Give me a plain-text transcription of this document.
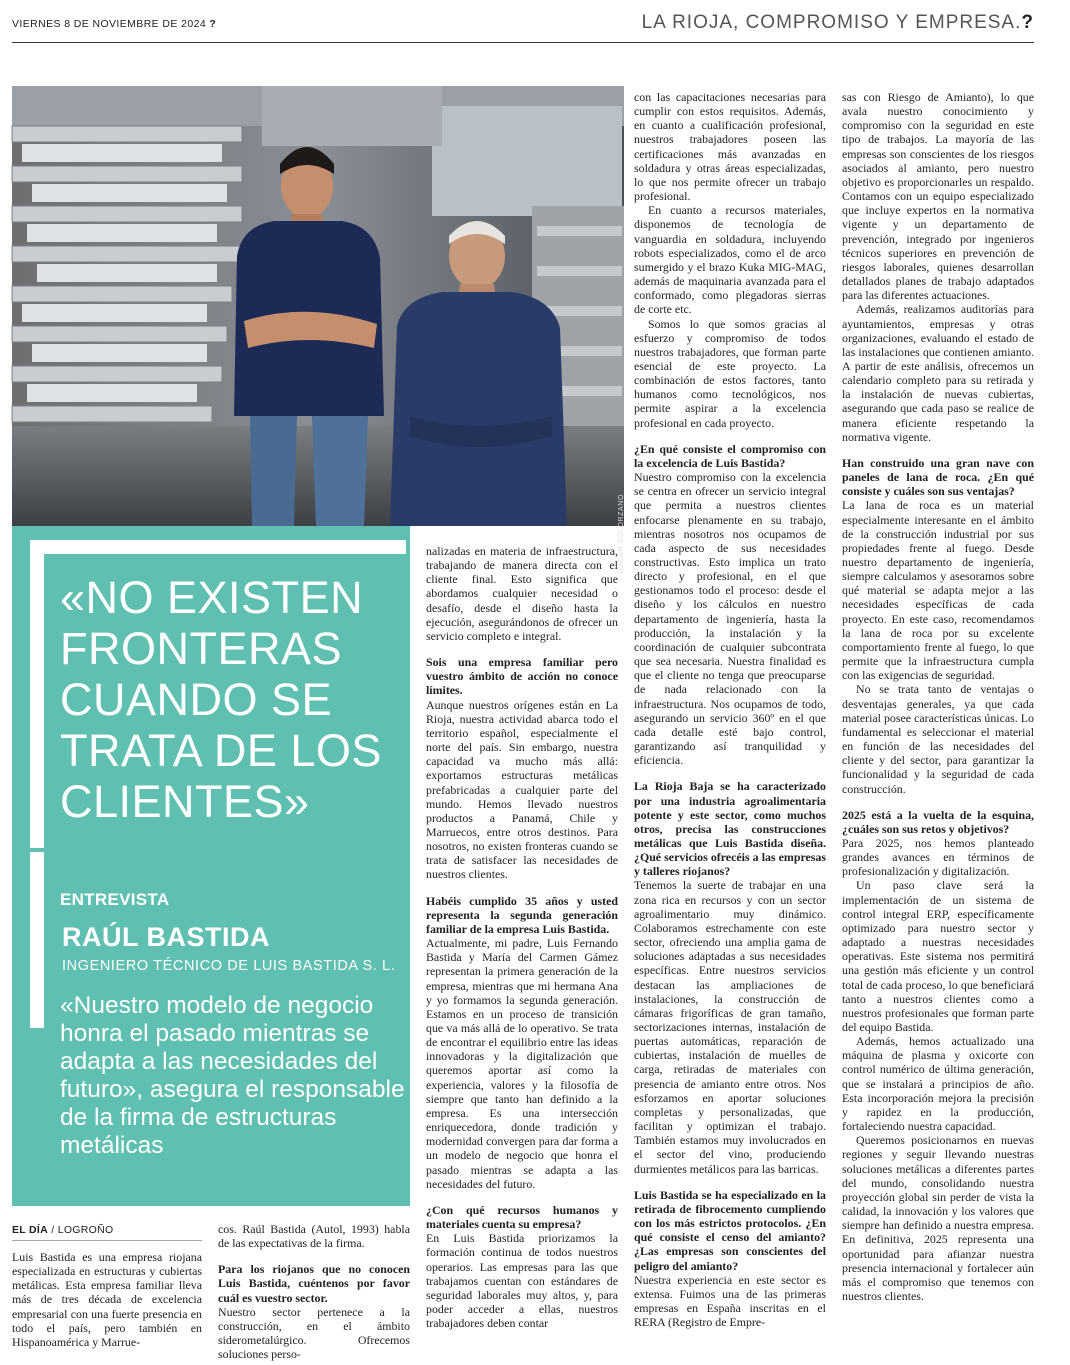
VIERNES 8 DE NOVIEMBRE DE 2024 ?	LA RIOJA, COMPROMISO Y EMPRESA.?
ÓSCAR SOLORZANO
«NO EXISTEN FRONTERAS CUANDO SE TRATA DE LOS CLIENTES»
ENTREVISTA
RAÚL BASTIDA
INGENIERO TÉCNICO DE LUIS BASTIDA S. L.
«Nuestro modelo de negocio honra el pasado mientras se adapta a las necesidades del futuro», asegura el responsable de la firma de estructuras metálicas
EL DÍA / LOGROÑO

Luis Bastida es una empresa riojana especializada en estructuras y cubiertas metálicas. Esta empresa familiar lleva más de tres década de excelencia empresarial con una fuerte presencia en todo el país, pero también en Hispanoamérica y Marrue-

cos. Raúl Bastida (Autol, 1993) habla de las expectativas de la firma.

Para los riojanos que no conocen Luis Bastida, cuéntenos por favor cuál es vuestro sector.

Nuestro sector pertenece a la construcción, en el ámbito siderometalúrgico. Ofrecemos soluciones perso-

nalizadas en materia de infraestructura, trabajando de manera directa con el cliente final. Esto significa que abordamos cualquier necesidad o desafío, desde el diseño hasta la ejecución, asegurándonos de ofrecer un servicio completo e integral.

Sois una empresa familiar pero vuestro ámbito de acción no conoce límites.

Aunque nuestros orígenes están en La Rioja, nuestra actividad abarca todo el territorio español, especialmente el norte del país. Sin embargo, nuestra capacidad va mucho más allá: exportamos estructuras metálicas prefabricadas a cualquier parte del mundo. Hemos llevado nuestros productos a Panamá, Chile y Marruecos, entre otros destinos. Para nosotros, no existen fronteras cuando se trata de satisfacer las necesidades de nuestros clientes.

Habéis cumplido 35 años y usted representa la segunda generación familiar de la empresa Luis Bastida.

Actualmente, mi padre, Luis Fernando Bastida y María del Carmen Gámez representan la primera generación de la empresa, mientras que mi hermana Ana y yo formamos la segunda generación. Estamos en un proceso de transición que va más allá de lo operativo. Se trata de encontrar el equilibrio entre las ideas innovadoras y la digitalización que queremos aportar así como la experiencia, valores y la filosofía de siempre que tanto han definido a la empresa. Es una intersección enriquecedora, donde tradición y modernidad convergen para dar forma a un modelo de negocio que honra el pasado mientras se adapta a las necesidades del futuro.

¿Con qué recursos humanos y materiales cuenta su empresa?

En Luis Bastida priorizamos la formación continua de todos nuestros operarios. Las empresas para las que trabajamos cuentan con estándares de seguridad laborales muy altos, y, para poder acceder a ellas, nuestros trabajadores deben contar

con las capacitaciones necesarias para cumplir con estos requisitos. Además, en cuanto a cualificación profesional, nuestros trabajadores poseen las certificaciones más avanzadas en soldadura y otras áreas especializadas, lo que nos permite ofrecer un trabajo profesional.

En cuanto a recursos materiales, disponemos de tecnología de vanguardia en soldadura, incluyendo robots especializados, como el de arco sumergido y el brazo Kuka MIG-MAG, además de maquinaria avanzada para el conformado, como plegadoras sierras de corte etc.

Somos lo que somos gracias al esfuerzo y compromiso de todos nuestros trabajadores, que forman parte esencial de este proyecto. La combinación de estos factores, tanto humanos como tecnológicos, nos permite aspirar a la excelencia profesional en cada proyecto.

¿En qué consiste el compromiso con la excelencia de Luis Bastida?

Nuestro compromiso con la excelencia se centra en ofrecer un servicio integral que permita a nuestros clientes enfocarse plenamente en su trabajo, mientras nosotros nos ocupamos de cada aspecto de sus necesidades constructivas. Esto implica un trato directo y profesional, en el que gestionamos todo el proceso: desde el diseño y los cálculos en nuestro departamento de ingeniería, hasta la producción, la instalación y la coordinación de cualquier subcontrata que sea necesaria. Nuestra finalidad es que el cliente no tenga que preocuparse de nada relacionado con la infraestructura. Nos ocupamos de todo, asegurando un servicio 360º en el que cada detalle esté bajo control, garantizando así tranquilidad y eficiencia.

La Rioja Baja se ha caracterizado por una industria agroalimentaria potente y este sector, como muchos otros, precisa las construcciones metálicas que Luis Bastida diseña. ¿Qué servicios ofrecéis a las empresas y talleres riojanos?

Tenemos la suerte de trabajar en una zona rica en recursos y con un sector agroalimentario muy dinámico. Colaboramos estrechamente con este sector, ofreciendo una amplia gama de soluciones adaptadas a sus necesidades específicas. Entre nuestros servicios destacan las ampliaciones de instalaciones, la construcción de cámaras frigoríficas de gran tamaño, sectorizaciones internas, instalación de puertas automáticas, reparación de cubiertas, instalación de muelles de carga, retiradas de materiales con presencia de amianto entre otros. Nos esforzamos en aportar soluciones completas y personalizadas, que facilitan y optimizan el trabajo. También estamos muy involucrados en el sector del vino, produciendo durmientes metálicos para las barricas.

Luis Bastida se ha especializado en la retirada de fibrocemento cumpliendo con los más estrictos protocolos. ¿En qué consiste el censo del amianto? ¿Las empresas son conscientes del peligro del amianto?

Nuestra experiencia en este sector es extensa. Fuimos una de las primeras empresas en España inscritas en el RERA (Registro de Empre-

sas con Riesgo de Amianto), lo que avala nuestro conocimiento y compromiso con la seguridad en este tipo de trabajos. La mayoría de las empresas son conscientes de los riesgos asociados al amianto, pero nuestro objetivo es proporcionarles un respaldo. Contamos con un equipo especializado que incluye expertos en la normativa vigente y un departamento de prevención, integrado por ingenieros técnicos superiores en prevención de riesgos laborales, quienes desarrollan detallados planes de trabajo adaptados para las diferentes actuaciones.

Además, realizamos auditorías para ayuntamientos, empresas y otras organizaciones, evaluando el estado de las instalaciones que contienen amianto. A partir de este análisis, ofrecemos un calendario completo para su retirada y la instalación de nuevas cubiertas, asegurando que cada paso se realice de manera eficiente respetando la normativa vigente.

Han construido una gran nave con paneles de lana de roca. ¿En qué consiste y cuáles son sus ventajas?

La lana de roca es un material especialmente interesante en el ámbito de la construcción industrial por sus propiedades frente al fuego. Desde nuestro departamento de ingeniería, siempre calculamos y asesoramos sobre qué material se adapta mejor a las necesidades específicas de cada proyecto. En este caso, recomendamos la lana de roca por su excelente comportamiento frente al fuego, lo que permite que la infraestructura cumpla con las exigencias de seguridad.

No se trata tanto de ventajas o desventajas generales, ya que cada material posee características únicas. Lo fundamental es seleccionar el material en función de las necesidades del cliente y del sector, para garantizar la funcionalidad y la seguridad de cada construcción.

2025 está a la vuelta de la esquina, ¿cuáles son sus retos y objetivos?

Para 2025, nos hemos planteado grandes avances en términos de profesionalización y digitalización.

Un paso clave será la implementación de un sistema de control integral ERP, específicamente optimizado para nuestro sector y adaptado a nuestras necesidades operativas. Este sistema nos permitirá una gestión más eficiente y un control total de cada proceso, lo que beneficiará tanto a nuestros clientes como a nuestros profesionales que forman parte del equipo Bastida.

Además, hemos actualizado una máquina de plasma y oxicorte con control numérico de última generación, que se instalará a principios de año. Esta incorporación mejora la precisión y rapidez en la producción, fortaleciendo nuestra capacidad.

Queremos posicionarnos en nuevas regiones y seguir llevando nuestras soluciones metálicas a diferentes partes del mundo, consolidando nuestra proyección global sin perder de vista la calidad, la innovación y los valores que siempre han definido a nuestra empresa. En definitiva, 2025 representa una oportunidad para afianzar nuestra presencia internacional y fortalecer aún más el compromiso que tenemos con nuestros clientes.
